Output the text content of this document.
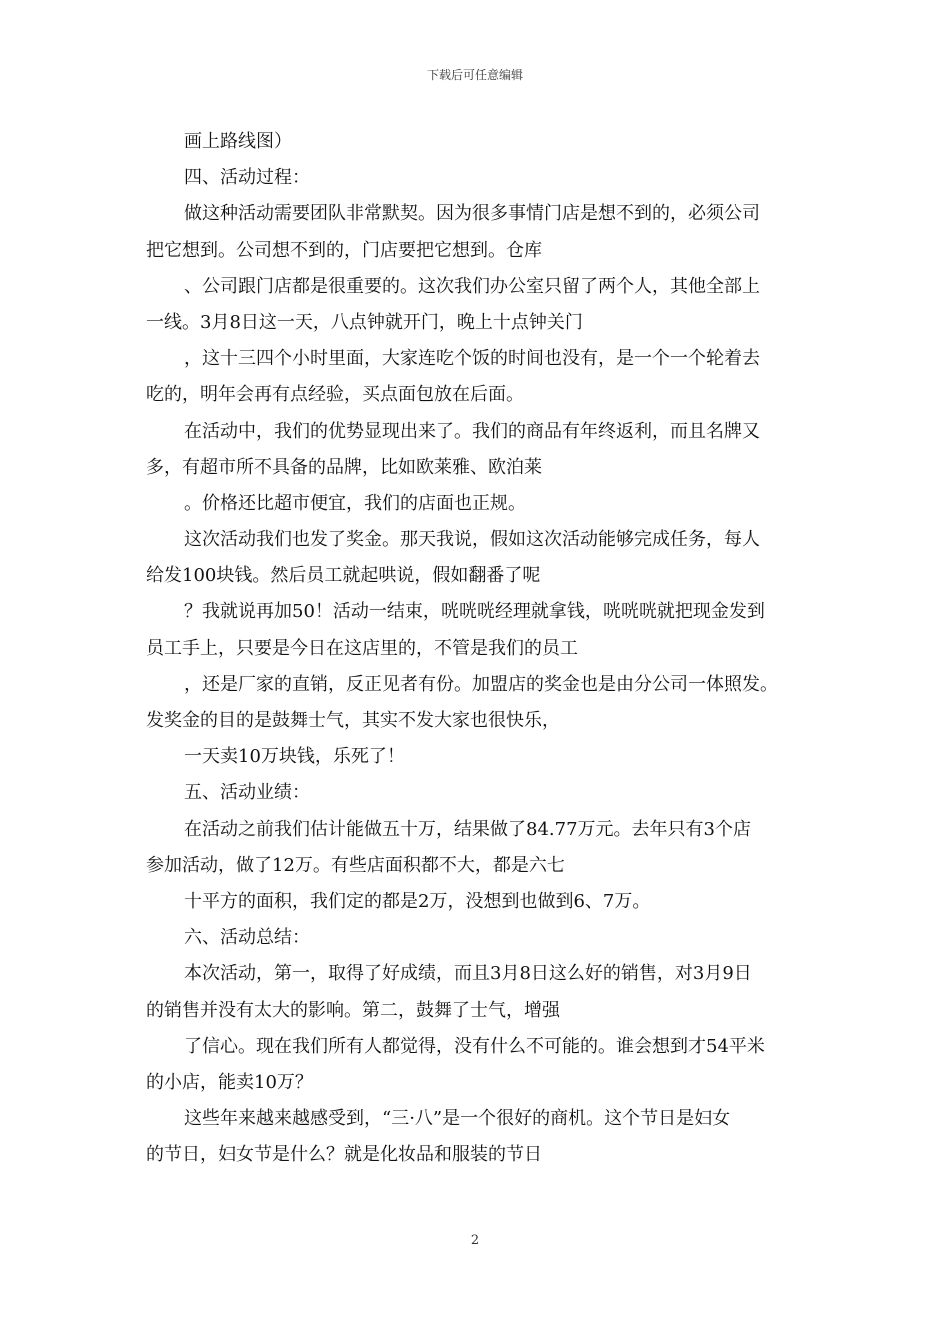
下载后可任意编辑
画上路线图）
四、活动过程：
做这种活动需要团队非常默契。因为很多事情门店是想不到的，必须公司
把它想到。公司想不到的，门店要把它想到。仓库
、公司跟门店都是很重要的。这次我们办公室只留了两个人，其他全部上
一线。3月8日这一天，八点钟就开门，晚上十点钟关门
，这十三四个小时里面，大家连吃个饭的时间也没有，是一个一个轮着去
吃的，明年会再有点经验，买点面包放在后面。
在活动中，我们的优势显现出来了。我们的商品有年终返利，而且名牌又
多，有超市所不具备的品牌，比如欧莱雅、欧泊莱
。价格还比超市便宜，我们的店面也正规。
这次活动我们也发了奖金。那天我说，假如这次活动能够完成任务，每人
给发100块钱。然后员工就起哄说，假如翻番了呢
？我就说再加50！活动一结束，咣咣咣经理就拿钱，咣咣咣就把现金发到
员工手上，只要是今日在这店里的，不管是我们的员工
，还是厂家的直销，反正见者有份。加盟店的奖金也是由分公司一体照发。
发奖金的目的是鼓舞士气，其实不发大家也很快乐，
一天卖10万块钱，乐死了！
五、活动业绩：
在活动之前我们估计能做五十万，结果做了84.77万元。去年只有3个店
参加活动，做了12万。有些店面积都不大，都是六七
十平方的面积，我们定的都是2万，没想到也做到6、7万。
六、活动总结：
本次活动，第一，取得了好成绩，而且3月8日这么好的销售，对3月9日
的销售并没有太大的影响。第二，鼓舞了士气，增强
了信心。现在我们所有人都觉得，没有什么不可能的。谁会想到才54平米
的小店，能卖10万？
这些年来越来越感受到，“三·八”是一个很好的商机。这个节日是妇女
的节日，妇女节是什么？就是化妆品和服装的节日
2
